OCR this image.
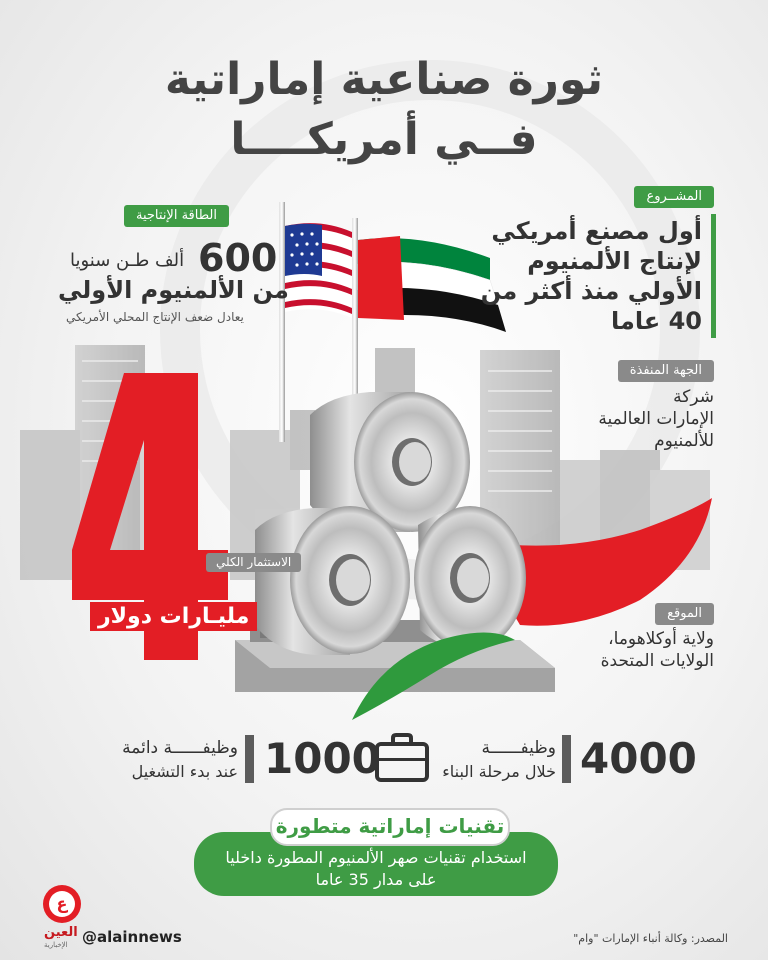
ثورة صناعية إماراتية
فــي أمريكــــا
المشــروع
أول مصنع أمريكي
لإنتاج الألمنيوم
الأولي منذ أكثر من
40 عاما
الطاقة الإنتاجية
600
ألف طـن سنويا
من الألمنيوم الأولي
يعادل ضعف الإنتاج المحلي الأمريكي
الجهة المنفذة
شركة
الإمارات العالمية
للألمنيوم
الاستثمار الكلي
مليـارات دولار	الموقع
ولاية أوكلاهوما،
الولايات المتحدة
4000
وظيفــــــة
خلال مرحلة البناء
1000
وظيفــــــة دائمة
عند بدء التشغيل
استخدام تقنيات صهر الألمنيوم المطورة داخليا
على مدار 35 عاما
تقنيات إماراتية متطورة
ع
العين
الإخبارية @alainnews	المصدر: وكالة أنباء الإمارات "وام"
